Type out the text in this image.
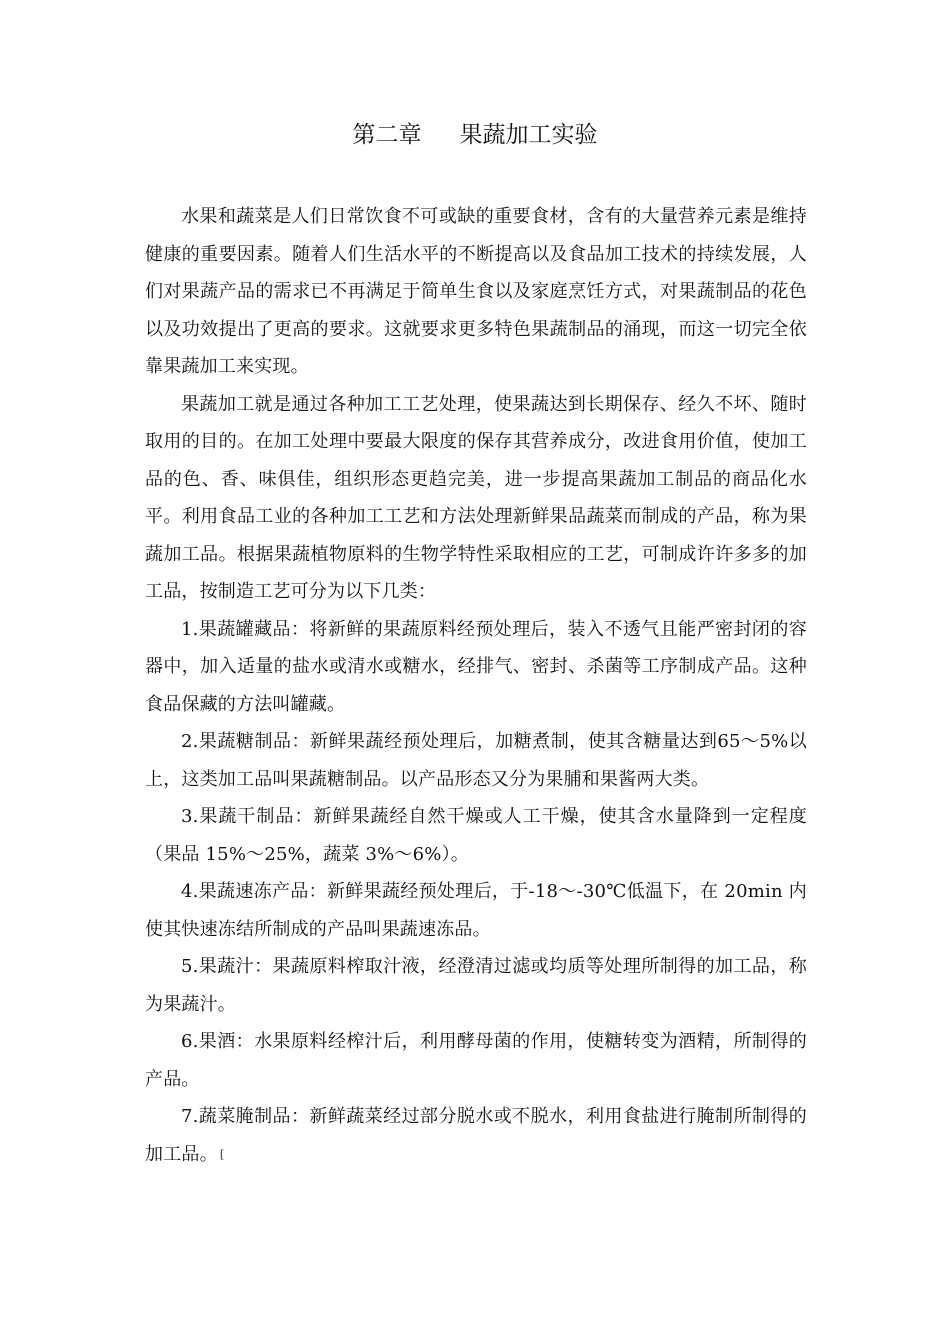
第二章 果蔬加工实验

水果和蔬菜是人们日常饮食不可或缺的重要食材，含有的大量营养元素是维持健康的重要因素。随着人们生活水平的不断提高以及食品加工技术的持续发展，人们对果蔬产品的需求已不再满足于简单生食以及家庭烹饪方式，对果蔬制品的花色以及功效提出了更高的要求。这就要求更多特色果蔬制品的涌现，而这一切完全依靠果蔬加工来实现。

果蔬加工就是通过各种加工工艺处理，使果蔬达到长期保存、经久不坏、随时取用的目的。在加工处理中要最大限度的保存其营养成分，改进食用价值，使加工品的色、香、味俱佳，组织形态更趋完美，进一步提高果蔬加工制品的商品化水平。利用食品工业的各种加工工艺和方法处理新鲜果品蔬菜而制成的产品，称为果蔬加工品。根据果蔬植物原料的生物学特性采取相应的工艺，可制成许许多多的加工品，按制造工艺可分为以下几类：

1.果蔬罐藏品：将新鲜的果蔬原料经预处理后，装入不透气且能严密封闭的容器中，加入适量的盐水或清水或糖水，经排气、密封、杀菌等工序制成产品。这种食品保藏的方法叫罐藏。

2.果蔬糖制品：新鲜果蔬经预处理后，加糖煮制，使其含糖量达到65～5%以上，这类加工品叫果蔬糖制品。以产品形态又分为果脯和果酱两大类。

3.果蔬干制品：新鲜果蔬经自然干燥或人工干燥，使其含水量降到一定程度（果品 15%～25%，蔬菜 3%～6%）。

4.果蔬速冻产品：新鲜果蔬经预处理后，于-18～-30℃低温下，在 20min 内使其快速冻结所制成的产品叫果蔬速冻品。

5.果蔬汁：果蔬原料榨取汁液，经澄清过滤或均质等处理所制得的加工品，称为果蔬汁。

6.果酒：水果原料经榨汁后，利用酵母菌的作用，使糖转变为酒精，所制得的产品。

7.蔬菜腌制品：新鲜蔬菜经过部分脱水或不脱水，利用食盐进行腌制所制得的加工品。 [
